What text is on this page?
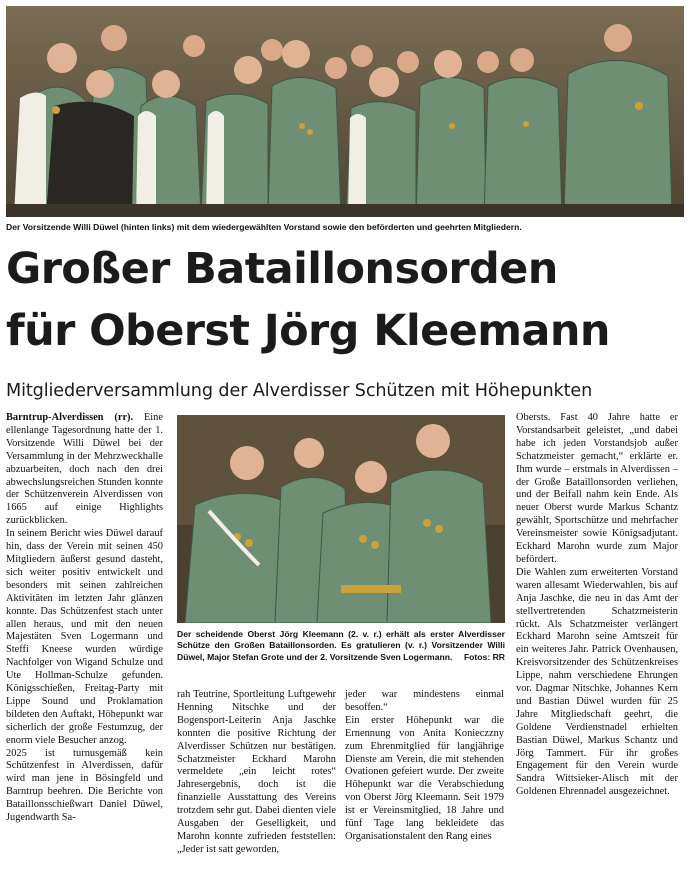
Der Vorsitzende Willi Düwel (hinten links) mit dem wiedergewählten Vorstand sowie den beförderten und geehrten Mitgliedern.
Großer Bataillonsorden
für Oberst Jörg Kleemann
Mitgliederversammlung der Alverdisser Schützen mit Höhepunkten

Barntrup-Alverdissen (rr). Eine ellenlange Tagesordnung hatte der 1. Vorsitzende Willi Düwel bei der Versammlung in der Mehrzweckhalle abzuarbeiten, doch nach den drei abwechslungsreichen Stunden konnte der Schützenverein Alverdissen von 1665 auf einige Highlights zurückblicken.

In seinem Bericht wies Düwel darauf hin, dass der Verein mit seinen 450 Mitgliedern äußerst gesund dasteht, sich weiter positiv entwickelt und besonders mit seinen zahlreichen Aktivitäten im letzten Jahr glänzen konnte. Das Schützenfest stach unter allen heraus, und mit den neuen Majestäten Sven Logermann und Steffi Kneese wurden würdige Nachfolger von Wigand Schulze und Ute Hollman-Schulze gefunden. Königsschießen, Freitag-Party mit Lippe Sound und Proklamation bildeten den Auftakt, Höhepunkt war sicherlich der große Festumzug, der enorm viele Besucher anzog.

2025 ist turnusgemäß kein Schützenfest in Alverdissen, dafür wird man jene in Bösingfeld und Barntrup beehren. Die Berichte von Bataillonsschießwart Daniel Düwel, Jugendwarth Sa-

Der scheidende Oberst Jörg Kleemann (2. v. r.) erhält als erster Alverdisser Schütze den Großen Bataillonsorden. Es gratulieren (v. r.) Vorsitzender Willi Düwel, Major Stefan Grote und der 2. Vorsitzende Sven Logermann. Fotos: RR

rah Teutrine, Sportleitung Luftgewehr Henning Nitschke und der Bogensport-Leiterin Anja Jaschke konnten die positive Richtung der Alverdisser Schützen nur bestätigen. Schatzmeister Eckhard Marohn vermeldete „ein leicht rotes“ Jahresergebnis, doch ist die finanzielle Ausstattung des Vereins trotzdem sehr gut. Dabei dienten viele Ausgaben der Geselligkeit, und Marohn konnte zufrieden feststellen: „Jeder ist satt geworden,

jeder war mindestens einmal besoffen.“

Ein erster Höhepunkt war die Ernennung von Anita Konieczzny zum Ehrenmitglied für langjährige Dienste am Verein, die mit stehenden Ovationen gefeiert wurde. Der zweite Höhepunkt war die Verabschiedung von Oberst Jörg Kleemann. Seit 1979 ist er Vereinsmitglied, 18 Jahre und fünf Tage lang bekleidete das Organisationstalent den Rang eines

Obersts. Fast 40 Jahre hatte er Vorstandsarbeit geleistet, „und dabei habe ich jeden Vorstandsjob außer Schatzmeister gemacht,“ erklärte er. Ihm wurde – erstmals in Alverdissen – der Große Bataillonsorden verliehen, und der Beifall nahm kein Ende. Als neuer Oberst wurde Markus Schantz gewählt, Sportschütze und mehrfacher Vereinsmeister sowie Königsadjutant. Eckhard Marohn wurde zum Major befördert.

Die Wahlen zum erweiterten Vorstand waren allesamt Wiederwahlen, bis auf Anja Jaschke, die neu in das Amt der stellvertretenden Schatzmeisterin rückt. Als Schatzmeister verlängert Eckhard Marohn seine Amtszeit für ein weiteres Jahr. Patrick Ovenhausen, Kreisvorsitzender des Schützenkreises Lippe, nahm verschiedene Ehrungen vor. Dagmar Nitschke, Johannes Kern und Bastian Düwel wurden für 25 Jahre Mitgliedschaft geehrt, die Goldene Verdienstnadel erhielten Bastian Düwel, Markus Schantz und Jörg Tammert. Für ihr großes Engagement für den Verein wurde Sandra Wittsieker-Alisch mit der Goldenen Ehrennadel ausgezeichnet.
